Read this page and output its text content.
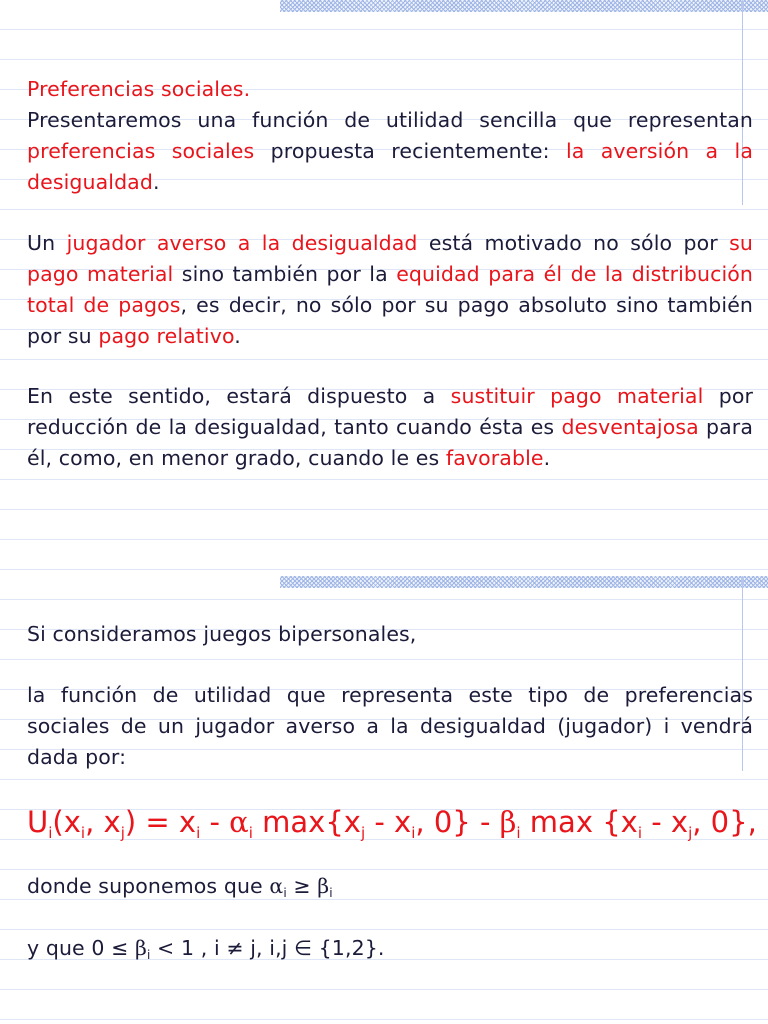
Preferencias sociales.
Presentaremos una función de utilidad sencilla que representan preferencias sociales propuesta recientemente: la aversión a la desigualdad.
Un jugador averso a la desigualdad está motivado no sólo por su pago material sino también por la equidad para él de la distribución total de pagos, es decir, no sólo por su pago absoluto sino también por su pago relativo.
En este sentido, estará dispuesto a sustituir pago material por reducción de la desigualdad, tanto cuando ésta es desventajosa para él, como, en menor grado, cuando le es favorable.
Si consideramos juegos bipersonales,
la función de utilidad que representa este tipo de preferencias sociales de un jugador averso a la desigualdad (jugador) i vendrá dada por:
$U_i(x_i$, $x_j) = x_i - \alpha_i$ $\max\{x_j - x_i$, $0\} - \beta_i$ $\max \{x_i - x_j$, 0},
donde suponemos que $\alpha_i \ge \beta_i$
y que $0 \le \beta_i < 1$ , i ≠ j, i,j ∈ {1,2}.
